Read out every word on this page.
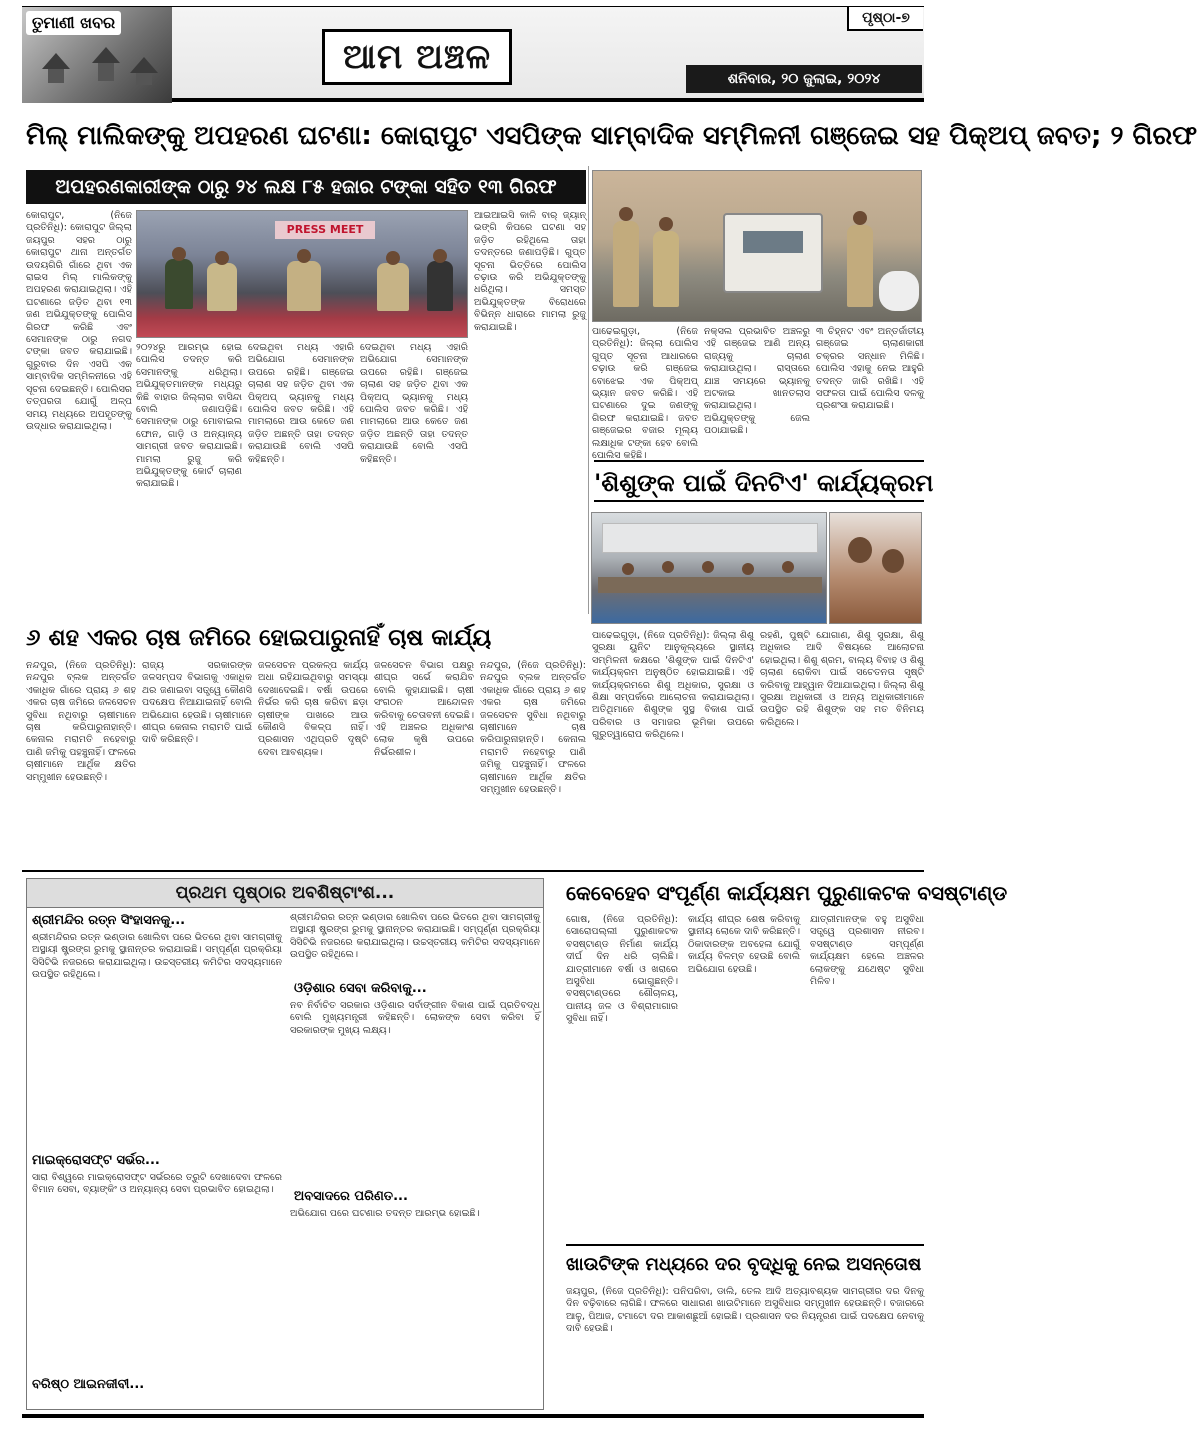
ତୁମାଣୀ ଖବର
ଆମ ଅଞ୍ଚଳ
ପୃଷ୍ଠା-୭
ଶନିବାର, ୨୦ ଜୁଲାଇ, ୨୦୨୪
ମିଲ୍ ମାଲିକଙ୍କୁ ଅପହରଣ ଘଟଣା: କୋରାପୁଟ ଏସପିଙ୍କ ସାମ୍ବାଦିକ ସମ୍ମିଳନୀ ଗଞ୍ଜେଇ ସହ ପିକ୍ଅପ୍ ଜବତ; ୨ ଗିରଫ
ଅପହରଣକାରୀଙ୍କ ଠାରୁ ୨୪ ଲକ୍ଷ ୮୫ ହଜାର ଟଙ୍କା ସହିତ ୧୩ ଗିରଫ
PRESS MEET
କୋରାପୁଟ, (ନିଜେ ପ୍ରତିନିଧି): କୋରାପୁଟ ଜିଲ୍ଲା ଜୟପୁର ସହର ଠାରୁ କୋରାପୁଟ ଥାନା ଅନ୍ତର୍ଗତ ଉଦୟଗିରି ଗାଁରେ ଥିବା ଏକ ରାଇସ ମିଲ୍ ମାଲିକଙ୍କୁ ଅପହରଣ କରାଯାଇଥିଲା। ଏହି ଘଟଣାରେ ଜଡ଼ିତ ଥିବା ୧୩ ଜଣ ଅଭିଯୁକ୍ତଙ୍କୁ ପୋଲିସ ଗିରଫ କରିଛି ଏବଂ ସେମାନଙ୍କ ଠାରୁ ନଗଦ ଟଙ୍କା ଜବତ କରାଯାଇଛି। ଗୁରୁବାର ଦିନ ଏସପି ଏକ ସାମ୍ବାଦିକ ସମ୍ମିଳନୀରେ ଏହି ସୂଚନା ଦେଇଛନ୍ତି। ପୋଲିସର ତତ୍ପରତା ଯୋଗୁଁ ଅଳ୍ପ ସମୟ ମଧ୍ୟରେ ଅପହୃତଙ୍କୁ ଉଦ୍ଧାର କରାଯାଇଥିଲା।
୨୦୨୪ରୁ ଆରମ୍ଭ ହୋଇ ପୋଲିସ ତଦନ୍ତ କରି ସେମାନଙ୍କୁ ଧରିଥିଲା। ଅଭିଯୁକ୍ତମାନଙ୍କ ମଧ୍ୟରୁ କିଛି ବାହାର ଜିଲ୍ଲାର ବାସିନ୍ଦା ବୋଲି ଜଣାପଡ଼ିଛି। ସେମାନଙ୍କ ଠାରୁ ମୋବାଇଲ ଫୋନ, ଗାଡ଼ି ଓ ଅନ୍ୟାନ୍ୟ ସାମଗ୍ରୀ ଜବତ କରାଯାଇଛି। ମାମଲା ରୁଜୁ କରି ଅଭିଯୁକ୍ତଙ୍କୁ କୋର୍ଟ ଚାଲାଣ କରାଯାଇଛି।
ଦେଇଥିବା ମଧ୍ୟ ଏହାରି ଅଭିଯୋଗ ସେମାନଙ୍କ ଉପରେ ରହିଛି। ଗଞ୍ଜେଇ ଚାଲାଣ ସହ ଜଡ଼ିତ ଥିବା ଏକ ପିକ୍ଅପ୍ ଭ୍ୟାନକୁ ମଧ୍ୟ ପୋଲିସ ଜବତ କରିଛି। ଏହି ମାମଲାରେ ଆଉ କେତେ ଜଣ ଜଡ଼ିତ ଅଛନ୍ତି ତାହା ତଦନ୍ତ କରାଯାଉଛି ବୋଲି ଏସପି କହିଛନ୍ତି।
ଦେଇଥିବା ମଧ୍ୟ ଏହାରି ଅଭିଯୋଗ ସେମାନଙ୍କ ଉପରେ ରହିଛି। ଗଞ୍ଜେଇ ଚାଲାଣ ସହ ଜଡ଼ିତ ଥିବା ଏକ ପିକ୍ଅପ୍ ଭ୍ୟାନକୁ ମଧ୍ୟ ପୋଲିସ ଜବତ କରିଛି। ଏହି ମାମଲାରେ ଆଉ କେତେ ଜଣ ଜଡ଼ିତ ଅଛନ୍ତି ତାହା ତଦନ୍ତ କରାଯାଉଛି ବୋଲି ଏସପି କହିଛନ୍ତି।
ଆଇଆଇସି କାଳି ବାର୍ ଜ୍ୟାନ୍ ଭଙ୍ଗି କିପରେ ଘଟଣା ସହ ଜଡ଼ିତ ରହିଥିଲେ ତାହା ତଦନ୍ତରେ ଜଣାପଡ଼ିଛି। ଗୁପ୍ତ ସୂଚନା ଭିତ୍ତିରେ ପୋଲିସ ଚଢ଼ାଉ କରି ଅଭିଯୁକ୍ତଙ୍କୁ ଧରିଥିଲା। ସମସ୍ତ ଅଭିଯୁକ୍ତଙ୍କ ବିରୋଧରେ ବିଭିନ୍ନ ଧାରାରେ ମାମଲା ରୁଜୁ କରାଯାଇଛି।	ପାଢେଇଗୁଡ଼ା, (ନିଜେ ପ୍ରତିନିଧି): ଜିଲ୍ଲା ପୋଲିସ ଗୁପ୍ତ ସୂଚନା ଆଧାରରେ ଚଢ଼ାଉ କରି ଗଞ୍ଜେଇ ବୋଝେଇ ଏକ ପିକ୍ଅପ୍ ଭ୍ୟାନ ଜବତ କରିଛି। ଏହି ଘଟଣାରେ ଦୁଇ ଜଣଙ୍କୁ ଗିରଫ କରାଯାଇଛି। ଜବତ ଗଞ୍ଜେଇର ବଜାର ମୂଲ୍ୟ ଲକ୍ଷାଧିକ ଟଙ୍କା ହେବ ବୋଲି ପୋଲିସ କହିଛି।
ନକ୍ସଲ ପ୍ରଭାବିତ ଅଞ୍ଚଳରୁ ଏହି ଗଞ୍ଜେଇ ଆଣି ଅନ୍ୟ ରାଜ୍ୟକୁ ଚାଲାଣ କରାଯାଉଥିଲା। ରାସ୍ତାରେ ଯାଞ୍ଚ ସମୟରେ ଭ୍ୟାନକୁ ଅଟକାଇ ଖାନତଲାସ କରାଯାଇଥିଲା। ଅଭିଯୁକ୍ତଙ୍କୁ ଜେଲ ପଠାଯାଇଛି।
୩ ଚିହ୍ନଟ ଏବଂ ଅନ୍ତର୍ଜାତୀୟ ଗଞ୍ଜେଇ ଚାଲାଣକାରୀ ଚକ୍ରର ସନ୍ଧାନ ମିଳିଛି। ପୋଲିସ ଏହାକୁ ନେଇ ଆହୁରି ତଦନ୍ତ ଜାରି ରଖିଛି। ଏହି ସଫଳତା ପାଇଁ ପୋଲିସ ଦଳକୁ ପ୍ରଶଂସା କରାଯାଇଛି।
'ଶିଶୁଙ୍କ ପାଇଁ ଦିନଟିଏ' କାର୍ଯ୍ୟକ୍ରମ
ପାଢେଇଗୁଡ଼ା, (ନିଜେ ପ୍ରତିନିଧି): ଜିଲ୍ଲା ଶିଶୁ ସୁରକ୍ଷା ୟୁନିଟ ଆନୁକୂଲ୍ୟରେ ସ୍ଥାନୀୟ ସମ୍ମିଳନୀ କକ୍ଷରେ 'ଶିଶୁଙ୍କ ପାଇଁ ଦିନଟିଏ' କାର୍ଯ୍ୟକ୍ରମ ଅନୁଷ୍ଠିତ ହୋଇଯାଇଛି। ଏହି କାର୍ଯ୍ୟକ୍ରମରେ ଶିଶୁ ଅଧିକାର, ସୁରକ୍ଷା ଓ ଶିକ୍ଷା ସମ୍ପର୍କରେ ଆଲୋଚନା କରାଯାଇଥିଲା। ଅତିଥିମାନେ ଶିଶୁଙ୍କ ସୁସ୍ଥ ବିକାଶ ପାଇଁ ପରିବାର ଓ ସମାଜର ଭୂମିକା ଉପରେ ଗୁରୁତ୍ୱାରୋପ କରିଥିଲେ।
ରହଣି, ପୁଷ୍ଟି ଯୋଗାଣ, ଶିଶୁ ସୁରକ୍ଷା, ଶିଶୁ ଅଧିକାର ଆଦି ବିଷୟରେ ଆଲୋଚନା ହୋଇଥିଲା। ଶିଶୁ ଶ୍ରମ, ବାଲ୍ୟ ବିବାହ ଓ ଶିଶୁ ଚାଲାଣ ରୋକିବା ପାଇଁ ସଚେତନତା ସୃଷ୍ଟି କରିବାକୁ ଆହ୍ୱାନ ଦିଆଯାଇଥିଲା। ଜିଲ୍ଲା ଶିଶୁ ସୁରକ୍ଷା ଅଧିକାରୀ ଓ ଅନ୍ୟ ଅଧିକାରୀମାନେ ଉପସ୍ଥିତ ରହି ଶିଶୁଙ୍କ ସହ ମତ ବିନିମୟ କରିଥିଲେ।
୬ ଶହ ଏକର ଚାଷ ଜମିରେ ହୋଇପାରୁନାହିଁ ଚାଷ କାର୍ଯ୍ୟ
ନନ୍ଦପୁର, (ନିଜେ ପ୍ରତିନିଧି): ନନ୍ଦପୁର ବ୍ଲକ ଅନ୍ତର୍ଗତ ଏକାଧିକ ଗାଁରେ ପ୍ରାୟ ୬ ଶହ ଏକର ଚାଷ ଜମିରେ ଜଳସେଚନ ସୁବିଧା ନଥିବାରୁ ଚାଷୀମାନେ ଚାଷ କରିପାରୁନାହାନ୍ତି। କେନାଲ ମରାମତି ନହେବାରୁ ପାଣି ଜମିକୁ ପହଞ୍ଚୁନାହିଁ। ଫଳରେ ଚାଷୀମାନେ ଆର୍ଥିକ କ୍ଷତିର ସମ୍ମୁଖୀନ ହେଉଛନ୍ତି।
ରାଜ୍ୟ ସରକାରଙ୍କ ଜଳସମ୍ପଦ ବିଭାଗକୁ ଏକାଧିକ ଥର ଜଣାଇବା ସତ୍ତ୍ୱେ କୌଣସି ପଦକ୍ଷେପ ନିଆଯାଇନାହିଁ ବୋଲି ଅଭିଯୋଗ ହେଉଛି। ଚାଷୀମାନେ ଶୀଘ୍ର କେନାଲ ମରାମତି ପାଇଁ ଦାବି କରିଛନ୍ତି।
ଜଳସେଚନ ପ୍ରକଳ୍ପ କାର୍ଯ୍ୟ ଅଧା ରହିଯାଇଥିବାରୁ ସମସ୍ୟା ଦେଖାଦେଇଛି। ବର୍ଷା ଉପରେ ନିର୍ଭର କରି ଚାଷ କରିବା ଛଡ଼ା ଚାଷୀଙ୍କ ପାଖରେ ଆଉ କୌଣସି ବିକଳ୍ପ ନାହିଁ। ପ୍ରଶାସନ ଏଥିପ୍ରତି ଦୃଷ୍ଟି ଦେବା ଆବଶ୍ୟକ।
ଜଳସେଚନ ବିଭାଗ ପକ୍ଷରୁ ଶୀଘ୍ର ସର୍ଭେ କରାଯିବ ବୋଲି କୁହାଯାଇଛି। ଚାଷୀ ସଂଗଠନ ଆନ୍ଦୋଳନ କରିବାକୁ ଚେତାବନୀ ଦେଇଛି। ଏହି ଅଞ୍ଚଳର ଅଧିକାଂଶ ଲୋକ କୃଷି ଉପରେ ନିର୍ଭରଶୀଳ।
ନନ୍ଦପୁର, (ନିଜେ ପ୍ରତିନିଧି): ନନ୍ଦପୁର ବ୍ଲକ ଅନ୍ତର୍ଗତ ଏକାଧିକ ଗାଁରେ ପ୍ରାୟ ୬ ଶହ ଏକର ଚାଷ ଜମିରେ ଜଳସେଚନ ସୁବିଧା ନଥିବାରୁ ଚାଷୀମାନେ ଚାଷ କରିପାରୁନାହାନ୍ତି। କେନାଲ ମରାମତି ନହେବାରୁ ପାଣି ଜମିକୁ ପହଞ୍ଚୁନାହିଁ। ଫଳରେ ଚାଷୀମାନେ ଆର୍ଥିକ କ୍ଷତିର ସମ୍ମୁଖୀନ ହେଉଛନ୍ତି।
ପ୍ରଥମ ପୃଷ୍ଠାର ଅବଶିଷ୍ଟାଂଶ...
ଶ୍ରୀମନ୍ଦିର ରତ୍ନ ସିଂହାସନକୁ...
ଶ୍ରୀମନ୍ଦିରର ରତ୍ନ ଭଣ୍ଡାର ଖୋଲିବା ପରେ ଭିତରେ ଥିବା ସାମଗ୍ରୀକୁ ଅସ୍ଥାୟୀ ଷ୍ଟ୍ରଙ୍ଗ ରୁମକୁ ସ୍ଥାନାନ୍ତର କରାଯାଇଛି। ସମ୍ପୂର୍ଣ୍ଣ ପ୍ରକ୍ରିୟା ସିସିଟିଭି ନଜରରେ କରାଯାଇଥିଲା। ଉଚ୍ଚସ୍ତରୀୟ କମିଟିର ସଦସ୍ୟମାନେ ଉପସ୍ଥିତ ରହିଥିଲେ।
ମାଇକ୍ରୋସଫ୍ଟ ସର୍ଭର...
ସାରା ବିଶ୍ୱରେ ମାଇକ୍ରୋସଫ୍ଟ ସର୍ଭରରେ ତ୍ରୁଟି ଦେଖାଦେବା ଫଳରେ ବିମାନ ସେବା, ବ୍ୟାଙ୍କିଂ ଓ ଅନ୍ୟାନ୍ୟ ସେବା ପ୍ରଭାବିତ ହୋଇଥିଲା।
ବରିଷ୍ଠ ଆଇନଜୀବୀ...
ଶ୍ରୀମନ୍ଦିରର ରତ୍ନ ଭଣ୍ଡାର ଖୋଲିବା ପରେ ଭିତରେ ଥିବା ସାମଗ୍ରୀକୁ ଅସ୍ଥାୟୀ ଷ୍ଟ୍ରଙ୍ଗ ରୁମକୁ ସ୍ଥାନାନ୍ତର କରାଯାଇଛି। ସମ୍ପୂର୍ଣ୍ଣ ପ୍ରକ୍ରିୟା ସିସିଟିଭି ନଜରରେ କରାଯାଇଥିଲା। ଉଚ୍ଚସ୍ତରୀୟ କମିଟିର ସଦସ୍ୟମାନେ ଉପସ୍ଥିତ ରହିଥିଲେ।
ଓଡ଼ିଶାର ସେବା କରିବାକୁ...
ନବ ନିର୍ବାଚିତ ସରକାର ଓଡ଼ିଶାର ସର୍ବାଙ୍ଗୀନ ବିକାଶ ପାଇଁ ପ୍ରତିବଦ୍ଧ ବୋଲି ମୁଖ୍ୟମନ୍ତ୍ରୀ କହିଛନ୍ତି। ଲୋକଙ୍କ ସେବା କରିବା ହିଁ ସରକାରଙ୍କ ମୁଖ୍ୟ ଲକ୍ଷ୍ୟ।
ଅବସାଦରେ ପରିଣତ...
ଅଭିଯୋଗ ପରେ ଘଟଣାର ତଦନ୍ତ ଆରମ୍ଭ ହୋଇଛି।
କେବେହେବ ସଂପୂର୍ଣ୍ଣ କାର୍ଯ୍ୟକ୍ଷମ ପୁରୁଣାକଟକ ବସଷ୍ଟାଣ୍ଡ
ଗୋଷ, (ନିଜେ ପ୍ରତିନିଧି): ସୋରୋପଲ୍ଲୀ ପୁରୁଣାକଟକ ବସଷ୍ଟାଣ୍ଡ ନିର୍ମାଣ କାର୍ଯ୍ୟ ଦୀର୍ଘ ଦିନ ଧରି ଚାଲିଛି। ଯାତ୍ରୀମାନେ ବର୍ଷା ଓ ଖରାରେ ଅସୁବିଧା ଭୋଗୁଛନ୍ତି। ବସଷ୍ଟାଣ୍ଡରେ ଶୌଚାଳୟ, ପାନୀୟ ଜଳ ଓ ବିଶ୍ରାମାଗାର ସୁବିଧା ନାହିଁ।
କାର୍ଯ୍ୟ ଶୀଘ୍ର ଶେଷ କରିବାକୁ ସ୍ଥାନୀୟ ଲୋକେ ଦାବି କରିଛନ୍ତି। ଠିକାଦାରଙ୍କ ଅବହେଳା ଯୋଗୁଁ କାର୍ଯ୍ୟ ବିଳମ୍ବ ହେଉଛି ବୋଲି ଅଭିଯୋଗ ହେଉଛି।
ଯାତ୍ରୀମାନଙ୍କ ବହୁ ଅସୁବିଧା ସତ୍ତ୍ୱେ ପ୍ରଶାସନ ନୀରବ। ବସଷ୍ଟାଣ୍ଡ ସମ୍ପୂର୍ଣ୍ଣ କାର୍ଯ୍ୟକ୍ଷମ ହେଲେ ଅଞ୍ଚଳର ଲୋକଙ୍କୁ ଯଥେଷ୍ଟ ସୁବିଧା ମିଳିବ।
ଖାଉଟିଙ୍କ ମଧ୍ୟରେ ଦର ବୃଦ୍ଧିକୁ ନେଇ ଅସନ୍ତୋଷ
ଜୟପୁର, (ନିଜେ ପ୍ରତିନିଧି): ପନିପରିବା, ଡାଲି, ତେଲ ଆଦି ଅତ୍ୟାବଶ୍ୟକ ସାମଗ୍ରୀର ଦର ଦିନକୁ ଦିନ ବଢ଼ିବାରେ ଲାଗିଛି। ଫଳରେ ସାଧାରଣ ଖାଉଟିମାନେ ଅସୁବିଧାର ସମ୍ମୁଖୀନ ହେଉଛନ୍ତି। ବଜାରରେ ଆଳୁ, ପିଆଜ, ଟମାଟୋ ଦର ଆକାଶଛୁଆଁ ହୋଇଛି। ପ୍ରଶାସନ ଦର ନିୟନ୍ତ୍ରଣ ପାଇଁ ପଦକ୍ଷେପ ନେବାକୁ ଦାବି ହେଉଛି।
